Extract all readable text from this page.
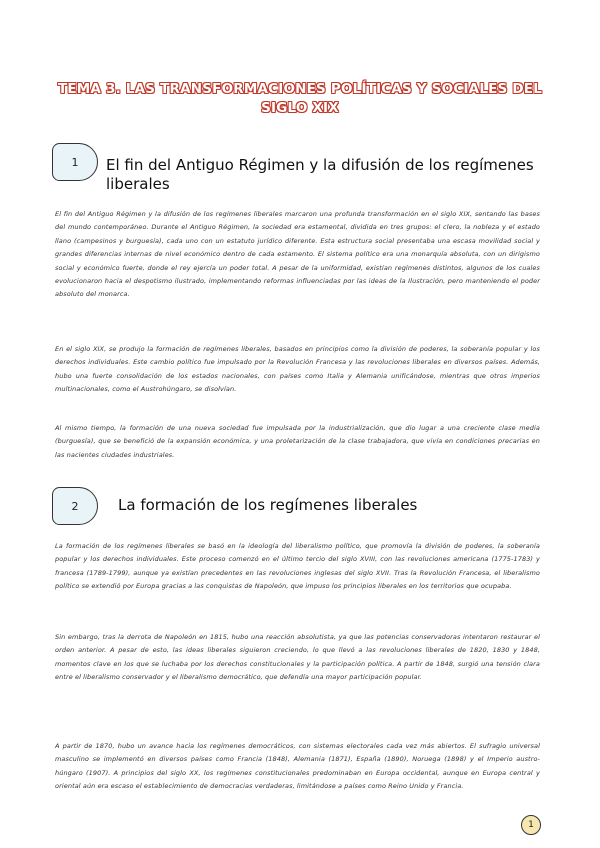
TEMA 3. LAS TRANSFORMACIONES POLÍTICAS Y SOCIALES DEL
SIGLO XIX
1 El fin del Antiguo Régimen y la difusión de los regímenes liberales

El fin del Antiguo Régimen y la difusión de los regímenes liberales marcaron una profunda transformación en el siglo XIX, sentando las bases del mundo contemporáneo. Durante el Antiguo Régimen, la sociedad era estamental, dividida en tres grupos: el clero, la nobleza y el estado llano (campesinos y burguesía), cada uno con un estatuto jurídico diferente. Esta estructura social presentaba una escasa movilidad social y grandes diferencias internas de nivel económico dentro de cada estamento. El sistema político era una monarquía absoluta, con un dirigismo social y económico fuerte, donde el rey ejercía un poder total. A pesar de la uniformidad, existían regímenes distintos, algunos de los cuales evolucionaron hacia el despotismo ilustrado, implementando reformas influenciadas por las ideas de la Ilustración, pero manteniendo el poder absoluto del monarca.

En el siglo XIX, se produjo la formación de regímenes liberales, basados en principios como la división de poderes, la soberanía popular y los derechos individuales. Este cambio político fue impulsado por la Revolución Francesa y las revoluciones liberales en diversos países. Además, hubo una fuerte consolidación de los estados nacionales, con países como Italia y Alemania unificándose, mientras que otros imperios multinacionales, como el Austrohúngaro, se disolvían.

Al mismo tiempo, la formación de una nueva sociedad fue impulsada por la industrialización, que dio lugar a una creciente clase media (burguesía), que se benefició de la expansión económica, y una proletarización de la clase trabajadora, que vivía en condiciones precarias en las nacientes ciudades industriales.

2	La formación de los regímenes liberales

La formación de los regímenes liberales se basó en la ideología del liberalismo político, que promovía la división de poderes, la soberanía popular y los derechos individuales. Este proceso comenzó en el último tercio del siglo XVIII, con las revoluciones americana (1775-1783) y francesa (1789-1799), aunque ya existían precedentes en las revoluciones inglesas del siglo XVII. Tras la Revolución Francesa, el liberalismo político se extendió por Europa gracias a las conquistas de Napoleón, que impuso los principios liberales en los territorios que ocupaba.

Sin embargo, tras la derrota de Napoleón en 1815, hubo una reacción absolutista, ya que las potencias conservadoras intentaron restaurar el orden anterior. A pesar de esto, las ideas liberales siguieron creciendo, lo que llevó a las revoluciones liberales de 1820, 1830 y 1848, momentos clave en los que se luchaba por los derechos constitucionales y la participación política. A partir de 1848, surgió una tensión clara entre el liberalismo conservador y el liberalismo democrático, que defendía una mayor participación popular.

A partir de 1870, hubo un avance hacia los regímenes democráticos, con sistemas electorales cada vez más abiertos. El sufragio universal masculino se implementó en diversos países como Francia (1848), Alemania (1871), España (1890), Noruega (1898) y el Imperio austro-húngaro (1907). A principios del siglo XX, los regímenes constitucionales predominaban en Europa occidental, aunque en Europa central y oriental aún era escaso el establecimiento de democracias verdaderas, limitándose a países como Reino Unido y Francia.

1
